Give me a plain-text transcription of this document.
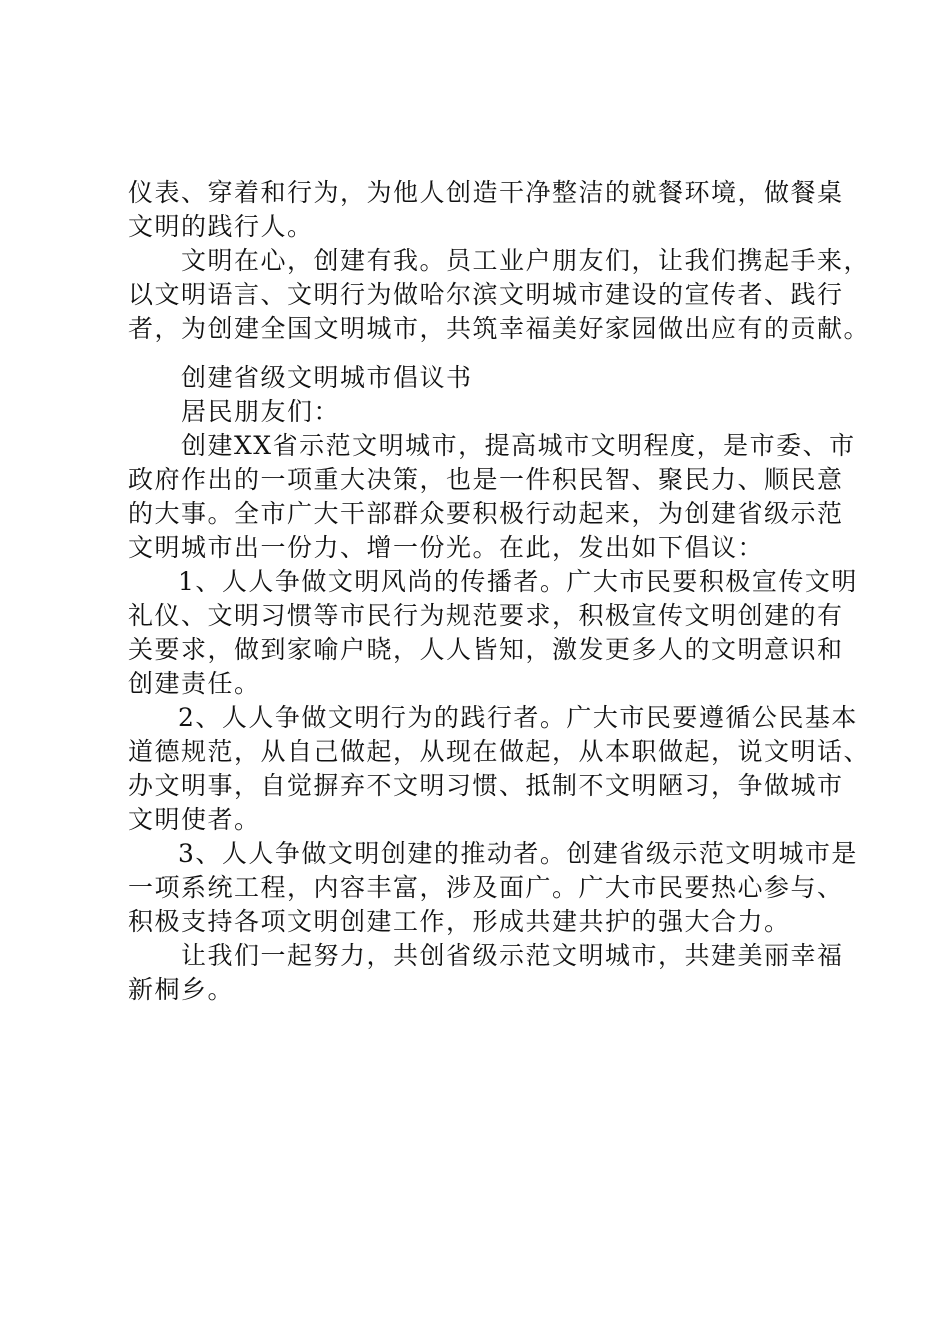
仪表、穿着和行为，为他人创造干净整洁的就餐环境，做餐桌
文明的践行人。
文明在心，创建有我。员工业户朋友们，让我们携起手来，
以文明语言、文明行为做哈尔滨文明城市建设的宣传者、践行
者，为创建全国文明城市，共筑幸福美好家园做出应有的贡献。
创建省级文明城市倡议书
居民朋友们：
创建XX省示范文明城市，提高城市文明程度，是市委、市
政府作出的一项重大决策，也是一件积民智、聚民力、顺民意
的大事。全市广大干部群众要积极行动起来，为创建省级示范
文明城市出一份力、增一份光。在此，发出如下倡议：
1、人人争做文明风尚的传播者。广大市民要积极宣传文明
礼仪、文明习惯等市民行为规范要求，积极宣传文明创建的有
关要求，做到家喻户晓，人人皆知，激发更多人的文明意识和
创建责任。
2、人人争做文明行为的践行者。广大市民要遵循公民基本
道德规范，从自己做起，从现在做起，从本职做起，说文明话、
办文明事，自觉摒弃不文明习惯、抵制不文明陋习，争做城市
文明使者。
3、人人争做文明创建的推动者。创建省级示范文明城市是
一项系统工程，内容丰富，涉及面广。广大市民要热心参与、
积极支持各项文明创建工作，形成共建共护的强大合力。
让我们一起努力，共创省级示范文明城市，共建美丽幸福
新桐乡。
